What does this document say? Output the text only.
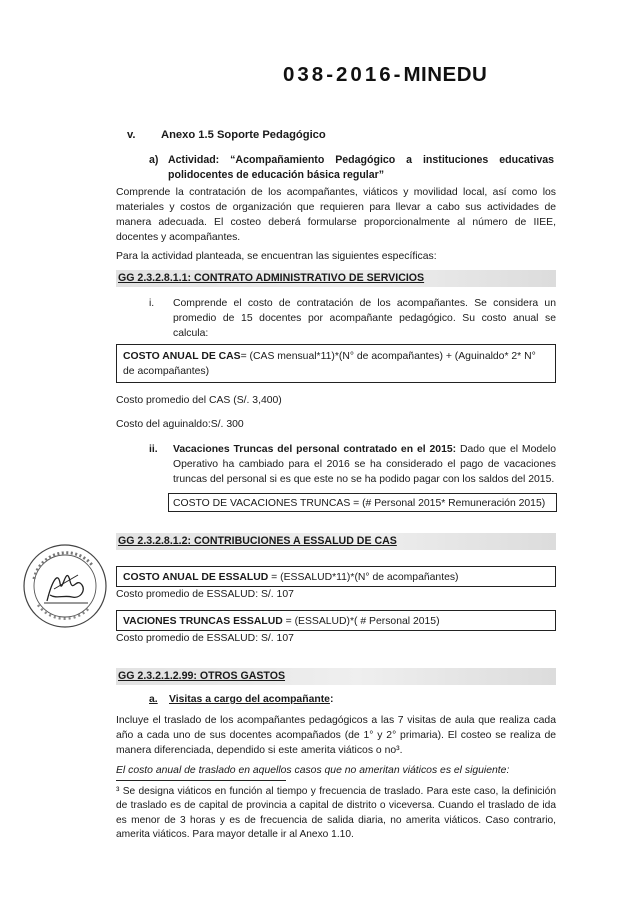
038-2016-MINEDU
v. Anexo 1.5 Soporte Pedagógico
a) Actividad: “Acompañamiento Pedagógico a instituciones educativas
polidocentes de educación básica regular”
Comprende la contratación de los acompañantes, viáticos y movilidad local, así como los materiales y costos de organización que requieren para llevar a cabo sus actividades de manera adecuada. El costeo deberá formularse proporcionalmente al número de IIEE, docentes y acompañantes.
Para la actividad planteada, se encuentran las siguientes específicas:
GG 2.3.2.8.1.1: CONTRATO ADMINISTRATIVO DE SERVICIOS
i.	Comprende el costo de contratación de los acompañantes. Se considera un promedio de 15 docentes por acompañante pedagógico. Su costo anual se calcula:
COSTO ANUAL DE CAS= (CAS mensual*11)*(N° de acompañantes) + (Aguinaldo* 2* N° de acompañantes)
Costo promedio del CAS (S/. 3,400)
Costo del aguinaldo:S/. 300
ii.	Vacaciones Truncas del personal contratado en el 2015: Dado que el Modelo Operativo ha cambiado para el 2016 se ha considerado el pago de vacaciones truncas del personal si es que este no se ha podido pagar con los saldos del 2015.
COSTO DE VACACIONES TRUNCAS = (# Personal 2015* Remuneración 2015)
GG 2.3.2.8.1.2: CONTRIBUCIONES A ESSALUD DE CAS
COSTO ANUAL DE ESSALUD = (ESSALUD*11)*(N° de acompañantes)
Costo promedio de ESSALUD: S/. 107
VACIONES TRUNCAS ESSALUD = (ESSALUD)*( # Personal 2015)
Costo promedio de ESSALUD: S/. 107
GG 2.3.2.1.2.99: OTROS GASTOS
a. Visitas a cargo del acompañante:
Incluye el traslado de los acompañantes pedagógicos a las 7 visitas de aula que realiza cada año a cada uno de sus docentes acompañados (de 1° y 2° primaria). El costeo se realiza de manera diferenciada, dependido si este amerita viáticos o no³.
El costo anual de traslado en aquellos casos que no ameritan viáticos es el siguiente:
³ Se designa viáticos en función al tiempo y frecuencia de traslado. Para este caso, la definición de traslado es de capital de provincia a capital de distrito o viceversa. Cuando el traslado de ida es menor de 3 horas y es de frecuencia de salida diaria, no amerita viáticos. Caso contrario, amerita viáticos. Para mayor detalle ir al Anexo 1.10.
